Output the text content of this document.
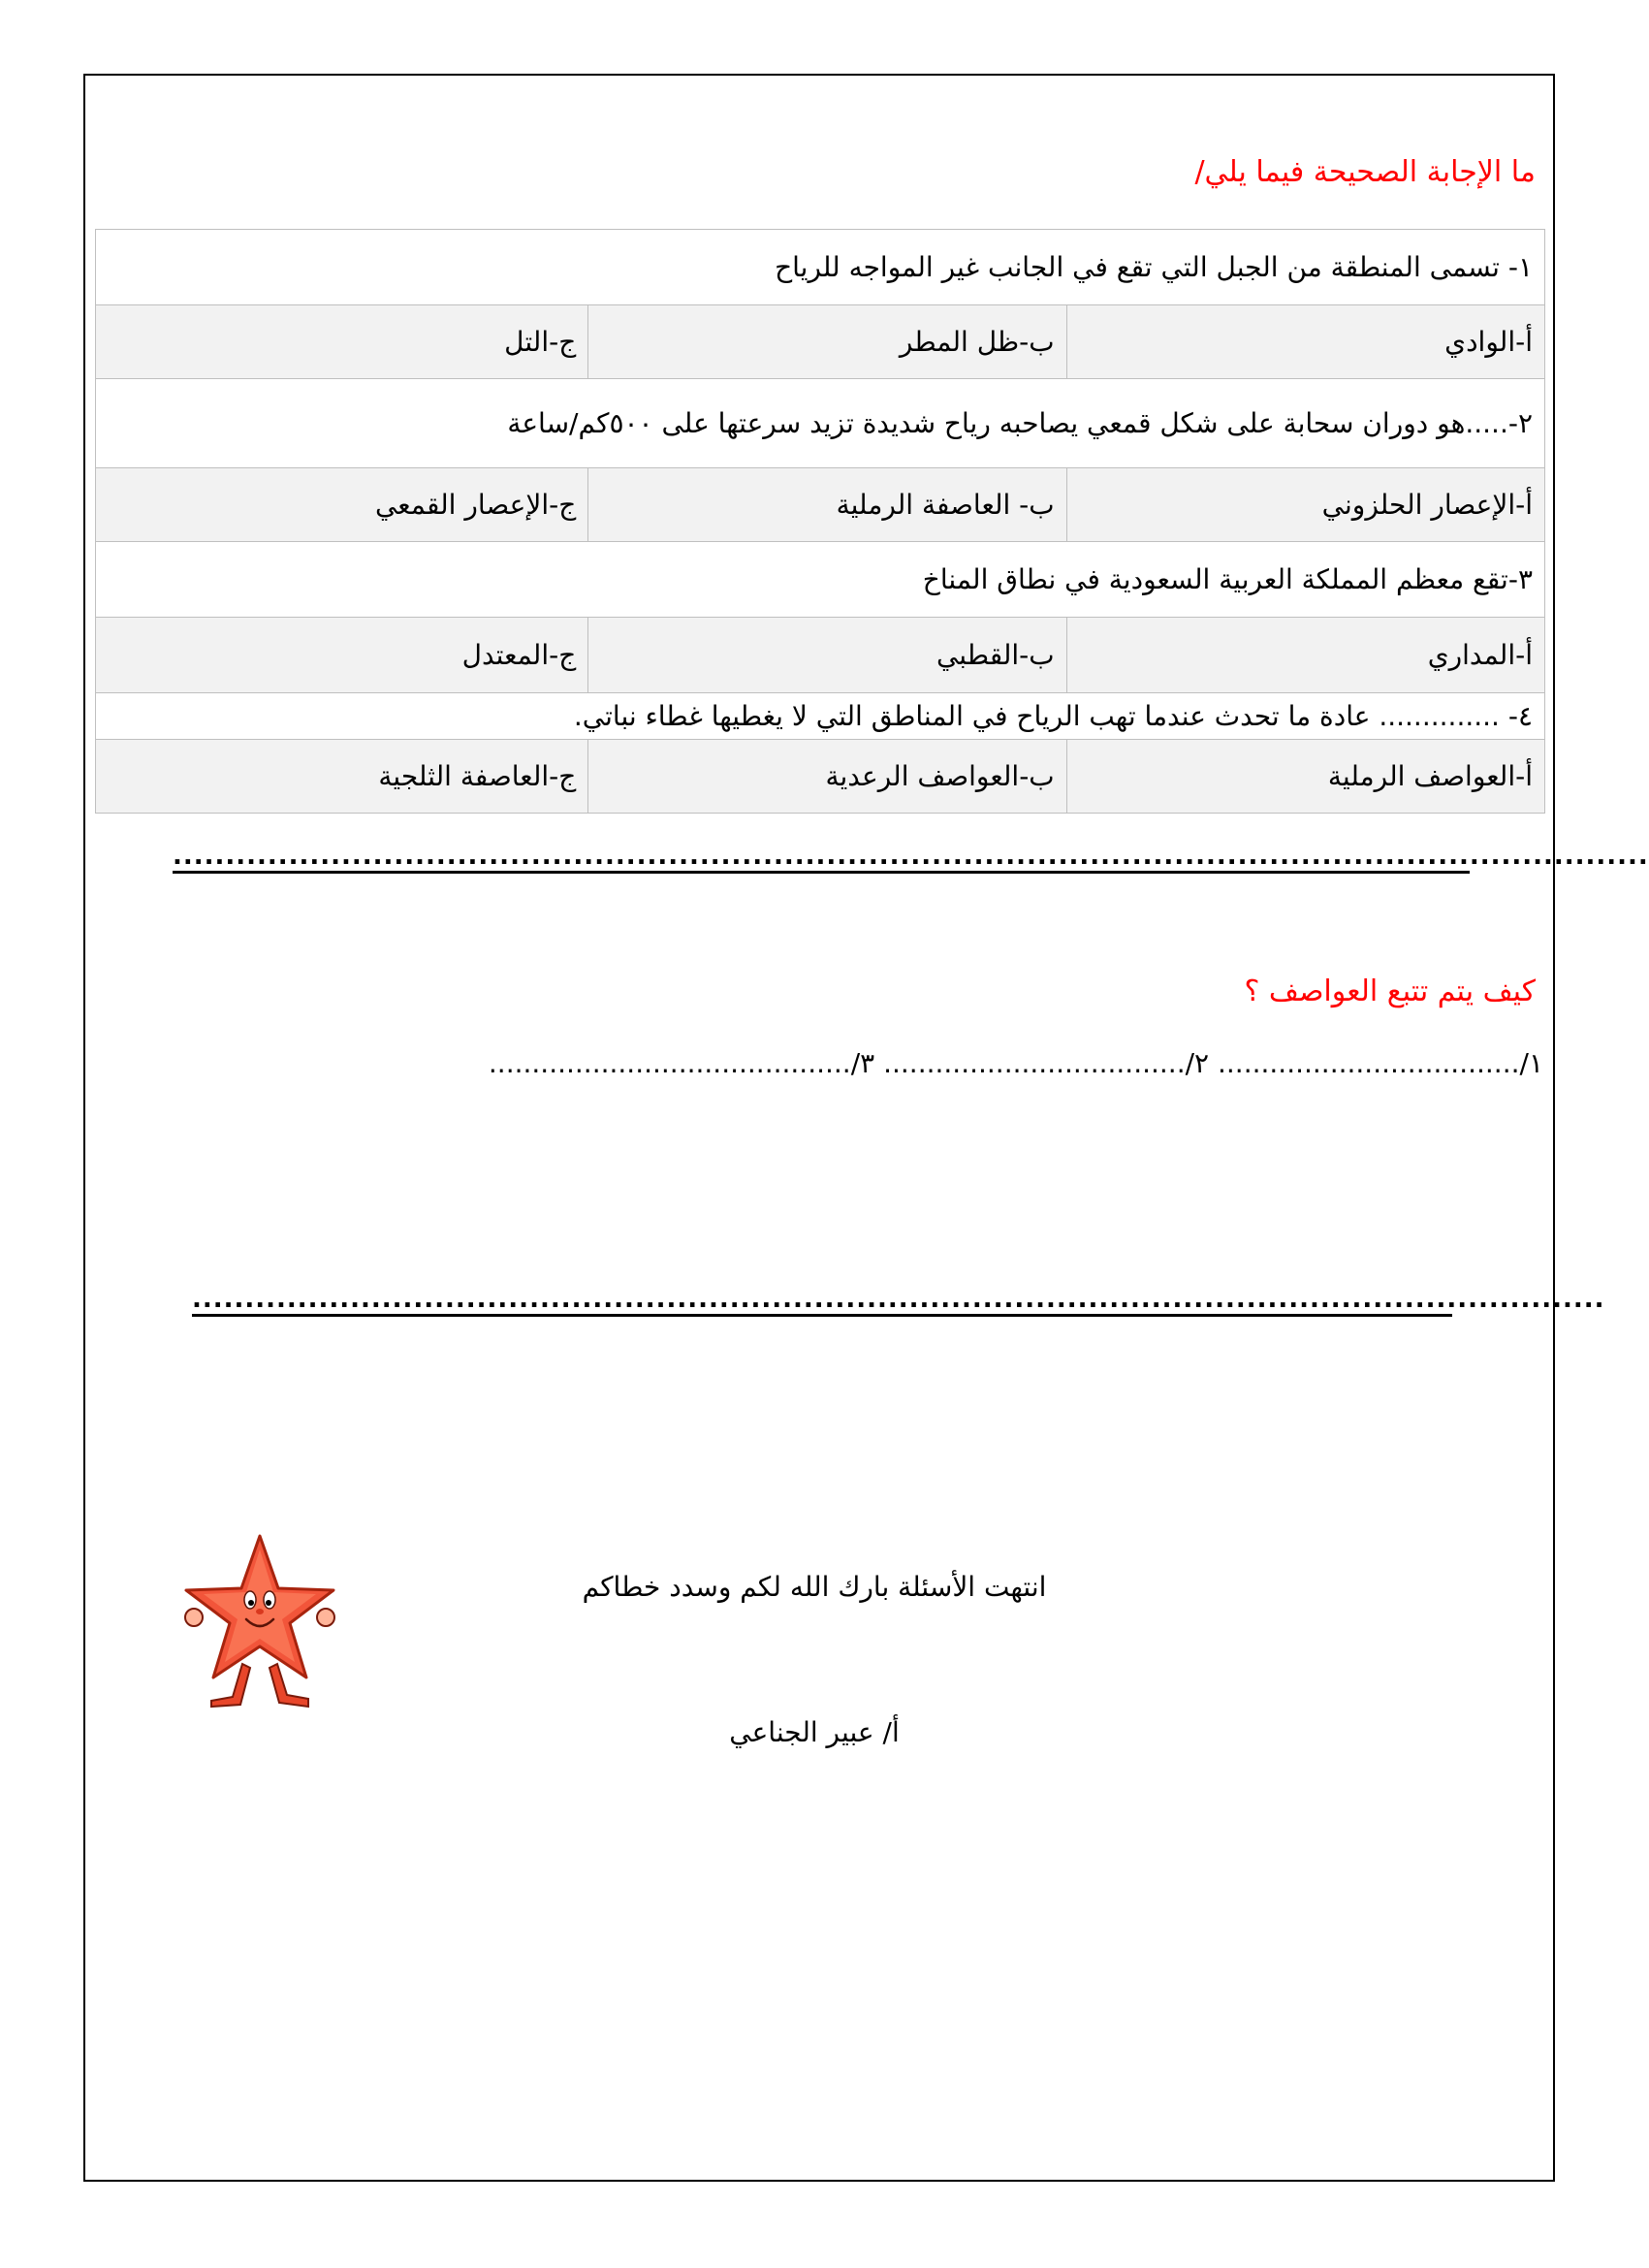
ما الإجابة الصحيحة فيما يلي/
١- تسمى المنطقة من الجبل التي تقع في الجانب غير المواجه للرياح		
أ-الوادي	ب-ظل المطر	ج-التل
٢-.....هو دوران سحابة على شكل قمعي يصاحبه رياح شديدة تزيد سرعتها على ٥٠٠كم/ساعة		
أ-الإعصار الحلزوني	ب- العاصفة الرملية	ج-الإعصار القمعي
٣-تقع معظم المملكة العربية السعودية في نطاق المناخ		
أ-المداري	ب-القطبي	ج-المعتدل
٤- .............. عادة ما تحدث عندما تهب الرياح في المناطق التي لا يغطيها غطاء نباتي.		
أ-العواصف الرملية	ب-العواصف الرعدية	ج-العاصفة الثلجية
............................................................................................................................................
كيف يتم تتبع العواصف ؟
١/................................... ٢/................................... ٣/..........................................
......................................................................................................................................
انتهت الأسئلة بارك الله لكم وسدد خطاكم
أ/ عبير الجناعي
